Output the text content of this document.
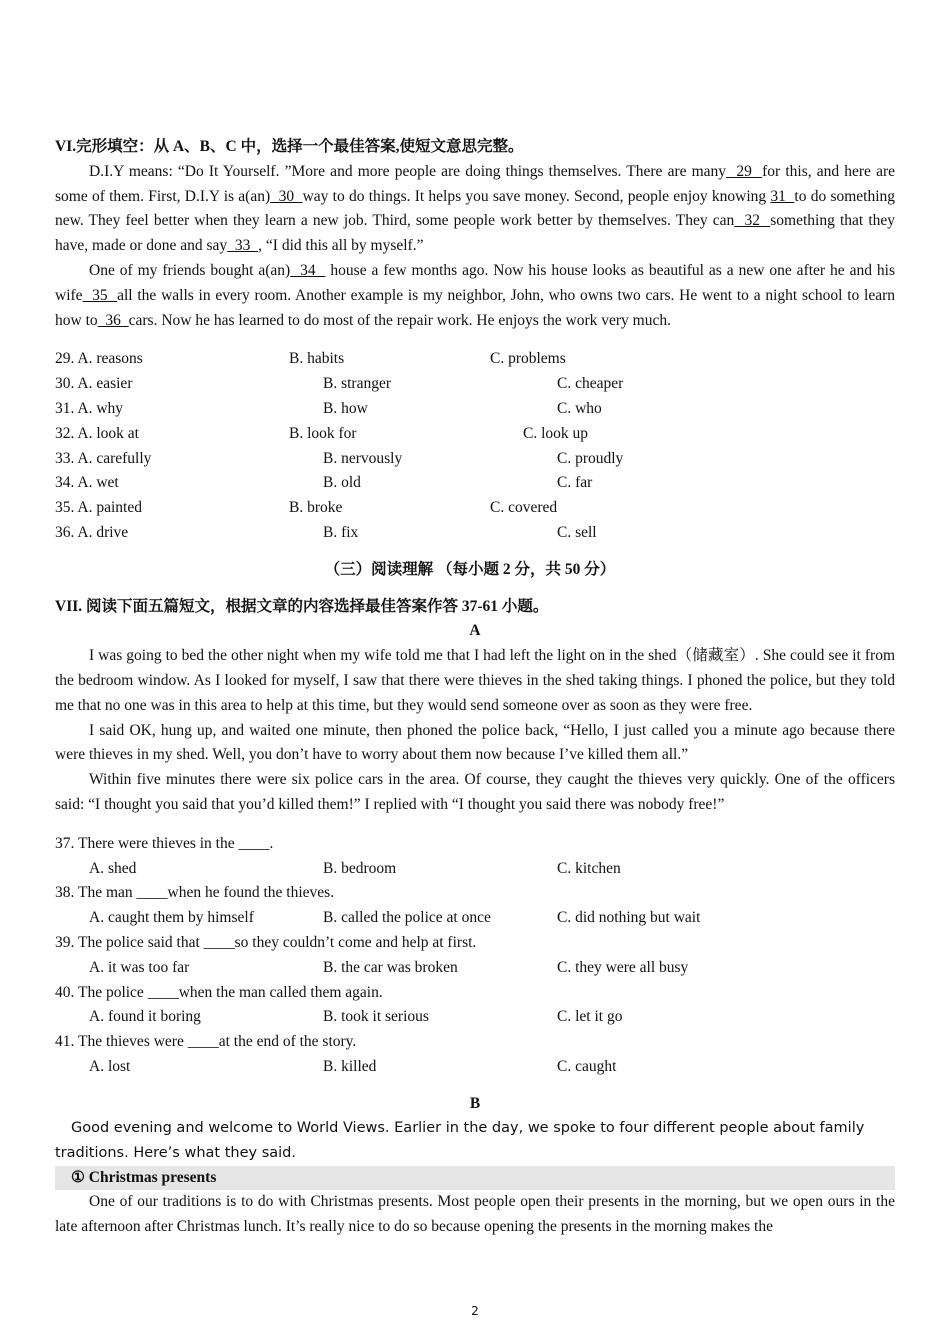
VI.完形填空：从 A、B、C 中，选择一个最佳答案,使短文意思完整。

D.I.Y means: “Do It Yourself. ”More and more people are doing things themselves. There are many  29  for this, and here are some of them. First, D.I.Y is a(an)  30  way to do things. It helps you save money. Second, people enjoy knowing 31  to do something new. They feel better when they learn a new job. Third, some people work better by themselves. They can  32  something that they have, made or done and say  33  , “I did this all by myself.”

One of my friends bought a(an)  34   house a few months ago. Now his house looks as beautiful as a new one after he and his wife  35  all the walls in every room. Another example is my neighbor, John, who owns two cars. He went to a night school to learn how to  36  cars. Now he has learned to do most of the repair work. He enjoys the work very much.

29. A. reasons	B. habits	C. problems
30. A. easier	B. stranger	C. cheaper
31. A. why	B. how	C. who
32. A. look at	B. look for	C. look up
33. A. carefully	B. nervously	C. proudly
34. A. wet	B. old	C. far
35. A. painted	B. broke	C. covered
36. A. drive	B. fix	C. sell
（三）阅读理解 （每小题 2 分，共 50 分）
VII. 阅读下面五篇短文，根据文章的内容选择最佳答案作答 37-61 小题。
A

I was going to bed the other night when my wife told me that I had left the light on in the shed（储藏室）. She could see it from the bedroom window. As I looked for myself, I saw that there were thieves in the shed taking things. I phoned the police, but they told me that no one was in this area to help at this time, but they would send someone over as soon as they were free.

I said OK, hung up, and waited one minute, then phoned the police back, “Hello, I just called you a minute ago because there were thieves in my shed. Well, you don’t have to worry about them now because I’ve killed them all.”

Within five minutes there were six police cars in the area. Of course, they caught the thieves very quickly. One of the officers said: “I thought you said that you’d killed them!” I replied with “I thought you said there was nobody free!”

37. There were thieves in the ____.

A. shed	B. bedroom	C. kitchen

38. The man ____when he found the thieves.

A. caught them by himself	B. called the police at once	C. did nothing but wait

39. The police said that ____so they couldn’t come and help at first.

A. it was too far	B. the car was broken	C. they were all busy

40. The police ____when the man called them again.

A. found it boring	B. took it serious	C. let it go

41. The thieves were ____at the end of the story.

A. lost	B. killed	C. caught
B

Good evening and welcome to World Views. Earlier in the day, we spoke to four different people about family traditions. Here’s what they said.

① Christmas presents

One of our traditions is to do with Christmas presents. Most people open their presents in the morning, but we open ours in the late afternoon after Christmas lunch. It’s really nice to do so because opening the presents in the morning makes the

2
